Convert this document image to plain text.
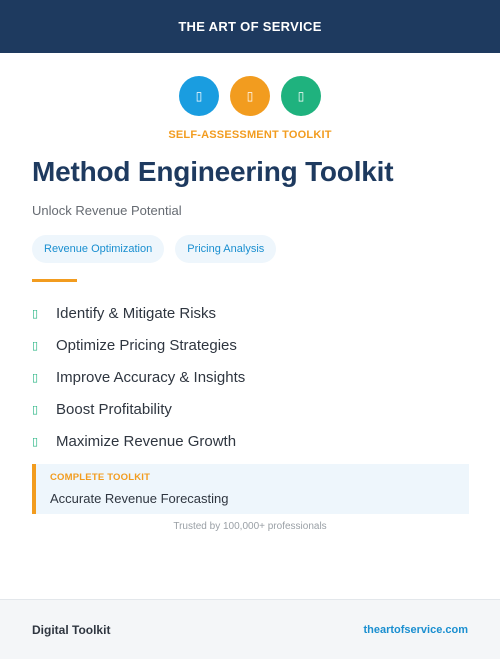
THE ART OF SERVICE
▯	▯	▯
SELF-ASSESSMENT TOOLKIT
Method Engineering Toolkit
Unlock Revenue Potential
Revenue Optimization	Pricing Analysis
▯	Identify & Mitigate Risks
▯	Optimize Pricing Strategies
▯	Improve Accuracy & Insights
▯	Boost Profitability
▯	Maximize Revenue Growth
COMPLETE TOOLKIT
Accurate Revenue Forecasting
Trusted by 100,000+ professionals
Digital Toolkit	theartofservice.com
